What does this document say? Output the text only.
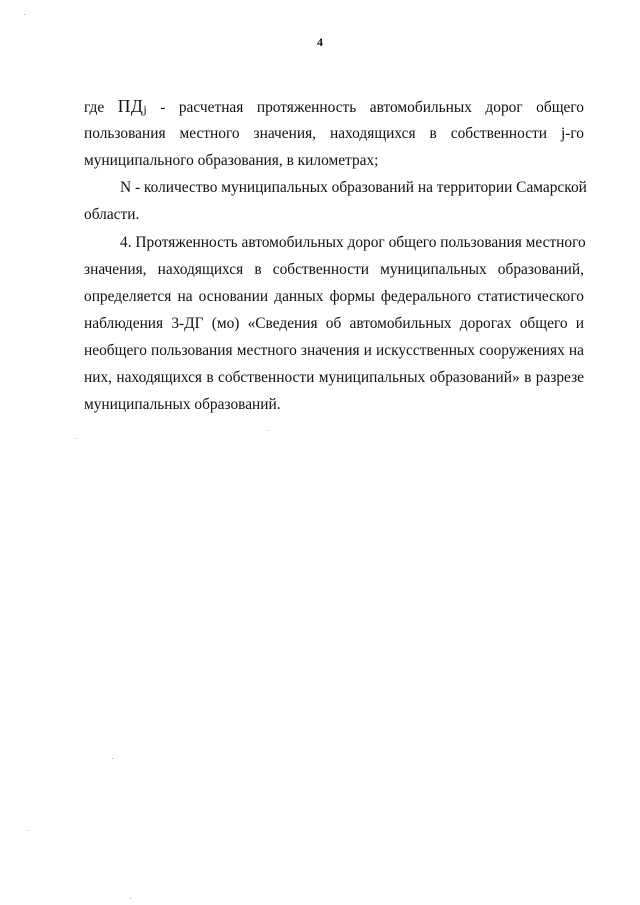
4
где ПДj - расчетная протяженность автомобильных дорог общего
пользования местного значения, находящихся в собственности j-го
муниципального образования, в километрах;
N - количество муниципальных образований на территории Самарской
области.
4. Протяженность автомобильных дорог общего пользования местного
значения, находящихся в собственности муниципальных образований,
определяется на основании данных формы федерального статистического
наблюдения 3-ДГ (мо) «Сведения об автомобильных дорогах общего и
необщего пользования местного значения и искусственных сооружениях на
них, находящихся в собственности муниципальных образований» в разрезе
муниципальных образований.
